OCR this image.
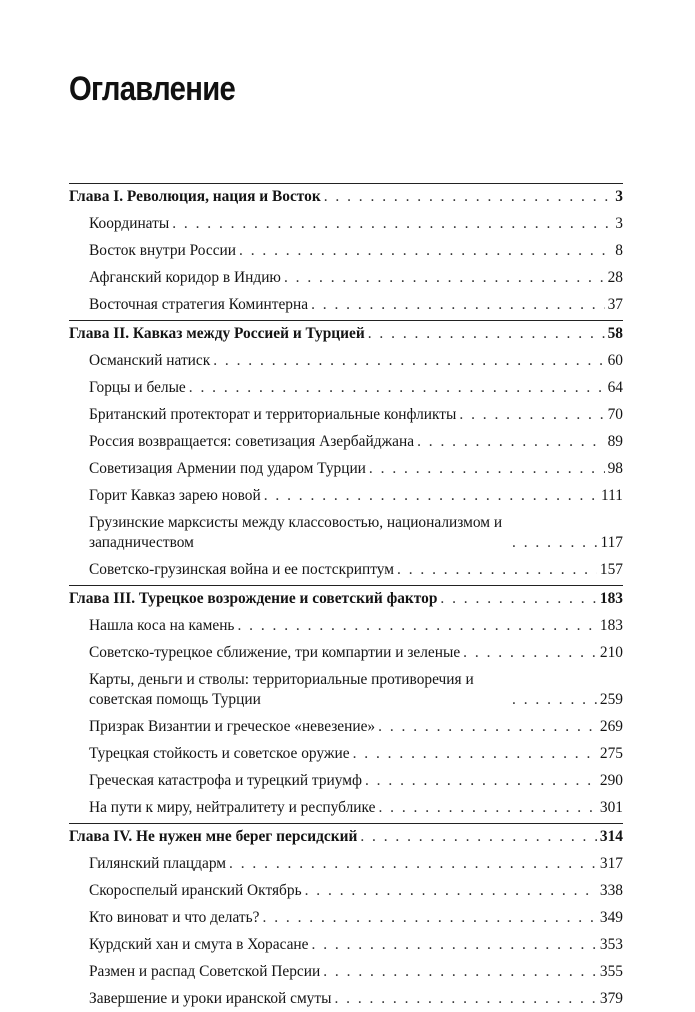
Оглавление
Глава I. Революция, нация и Восток . . .	3
Координаты . . .	3
Восток внутри России . . .	8
Афганский коридор в Индию . . .	28
Восточная стратегия Коминтерна . . .	37
Глава II. Кавказ между Россией и Турцией . . .	58
Османский натиск . . .	60
Горцы и белые . . .	64
Британский протекторат и территориальные конфликты . . .	70
Россия возвращается: советизация Азербайджана . . .	89
Советизация Армении под ударом Турции . . .	98
Горит Кавказ зарею новой . . .	111
Грузинские марксисты между классовостью, национализмом и западничеством . . .	117
Советско-грузинская война и ее постскриптум . . .	157
Глава III. Турецкое возрождение и советский фактор . . .	183
Нашла коса на камень . . .	183
Советско-турецкое сближение, три компартии и зеленые . . .	210
Карты, деньги и стволы: территориальные противоречия и советская помощь Турции . . .	259
Призрак Византии и греческое «невезение» . . .	269
Турецкая стойкость и советское оружие . . .	275
Греческая катастрофа и турецкий триумф . . .	290
На пути к миру, нейтралитету и республике . . .	301
Глава IV. Не нужен мне берег персидский . . .	314
Гилянский плацдарм . . .	317
Скороспелый иранский Октябрь . . .	338
Кто виноват и что делать? . . .	349
Курдский хан и смута в Хорасане . . .	353
Размен и распад Советской Персии . . .	355
Завершение и уроки иранской смуты . . .	379
